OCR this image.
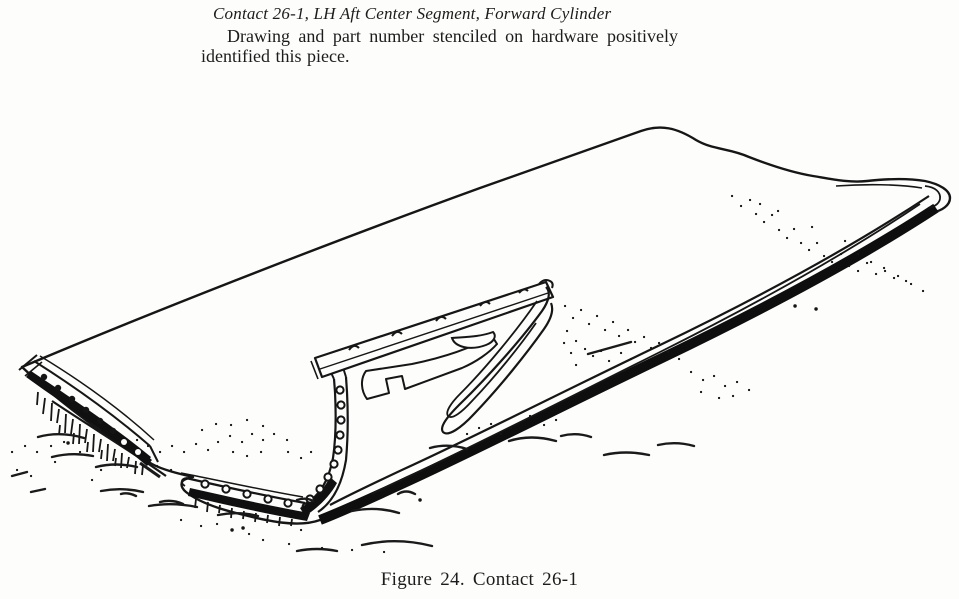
Contact 26-1, LH Aft Center Segment, Forward Cylinder
Drawing and part number stenciled on hardware positively
identified this piece.
Figure 24. Contact 26-1
